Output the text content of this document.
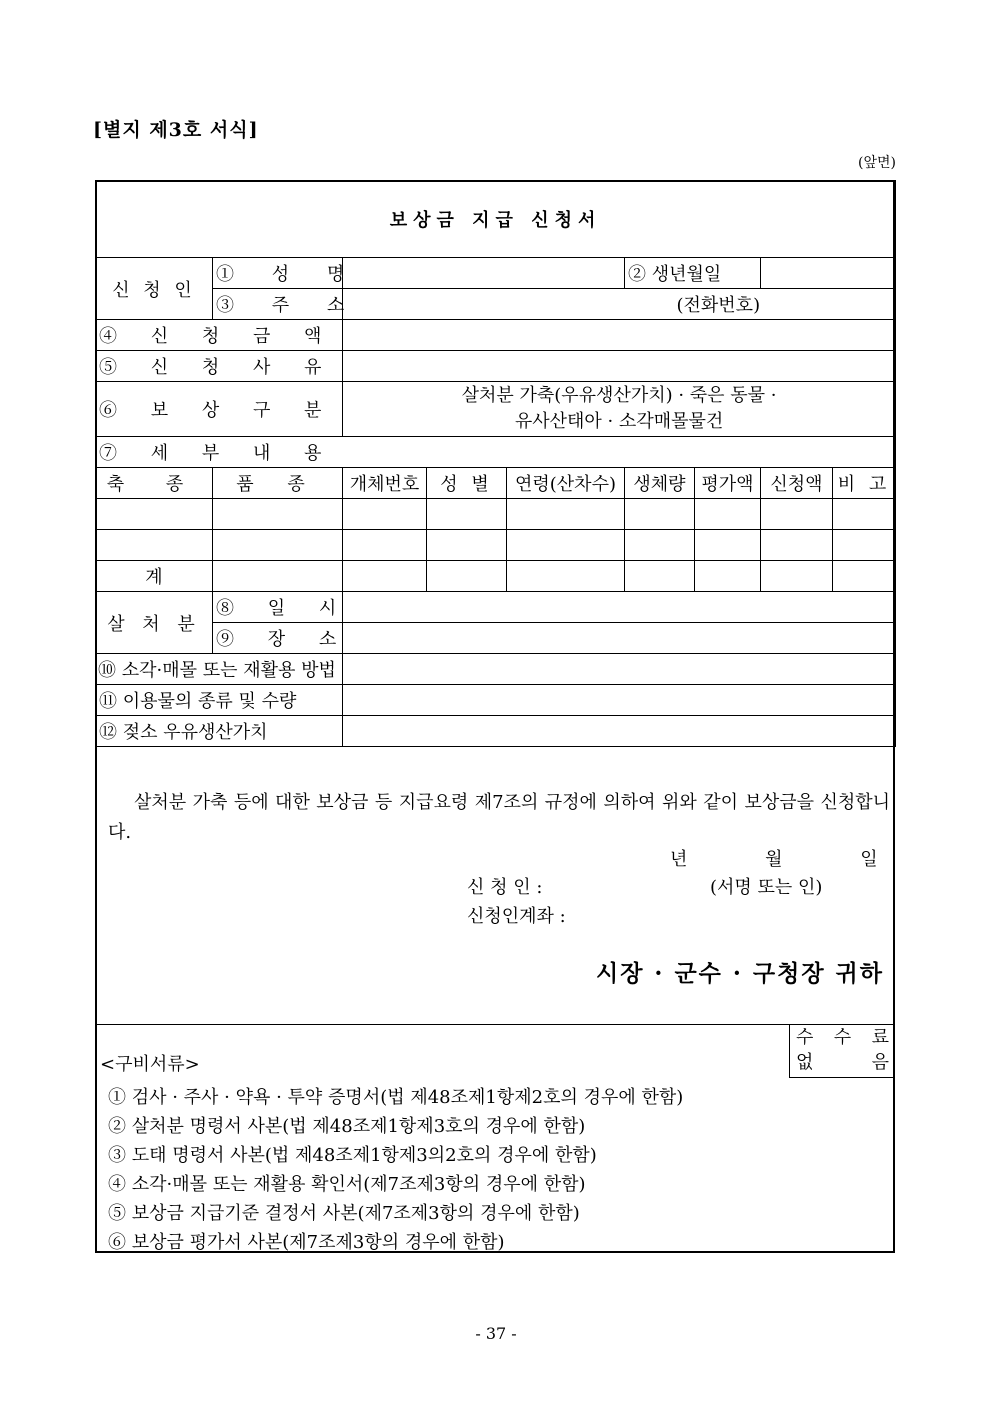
[별지 제3호 서식]
(앞면)
보상금 지급 신청서								
신 청 인	① 성 명				② 생년월일			
	③ 주 소	(전화번호)						
④ 신 청 금 액								
⑤ 신 청 사 유								
⑥ 보 상 구 분		살처분 가축(우유생산가치) · 죽은 동물 ·
유사산태아 · 소각매몰물건						

⑦ 세 부 내 용								
축 종	품 종	개체번호	성 별	연령(산차수)	생체량	평가액	신청액	비 고

계								
살 처 분	⑧ 일 시							
	⑨ 장 소							
⑩ 소각·매몰 또는 재활용 방법								
⑪ 이용물의 종류 및 수량								
⑫ 젖소 우유생산가치								
살처분 가축 등에 대한 보상금 등 지급요령 제7조의 규정에 의하여 위와 같이 보상금을 신청합니다.
년 월 일
신 청 인 :	(서명 또는 인)
신청인계좌 :
시장 · 군수 · 구청장 귀하
수 수 료
없	음
<구비서류>
① 검사 · 주사 · 약욕 · 투약 증명서(법 제48조제1항제2호의 경우에 한함)
② 살처분 명령서 사본(법 제48조제1항제3호의 경우에 한함)
③ 도태 명령서 사본(법 제48조제1항제3의2호의 경우에 한함)
④ 소각·매몰 또는 재활용 확인서(제7조제3항의 경우에 한함)
⑤ 보상금 지급기준 결정서 사본(제7조제3항의 경우에 한함)
⑥ 보상금 평가서 사본(제7조제3항의 경우에 한함)
- 37 -
